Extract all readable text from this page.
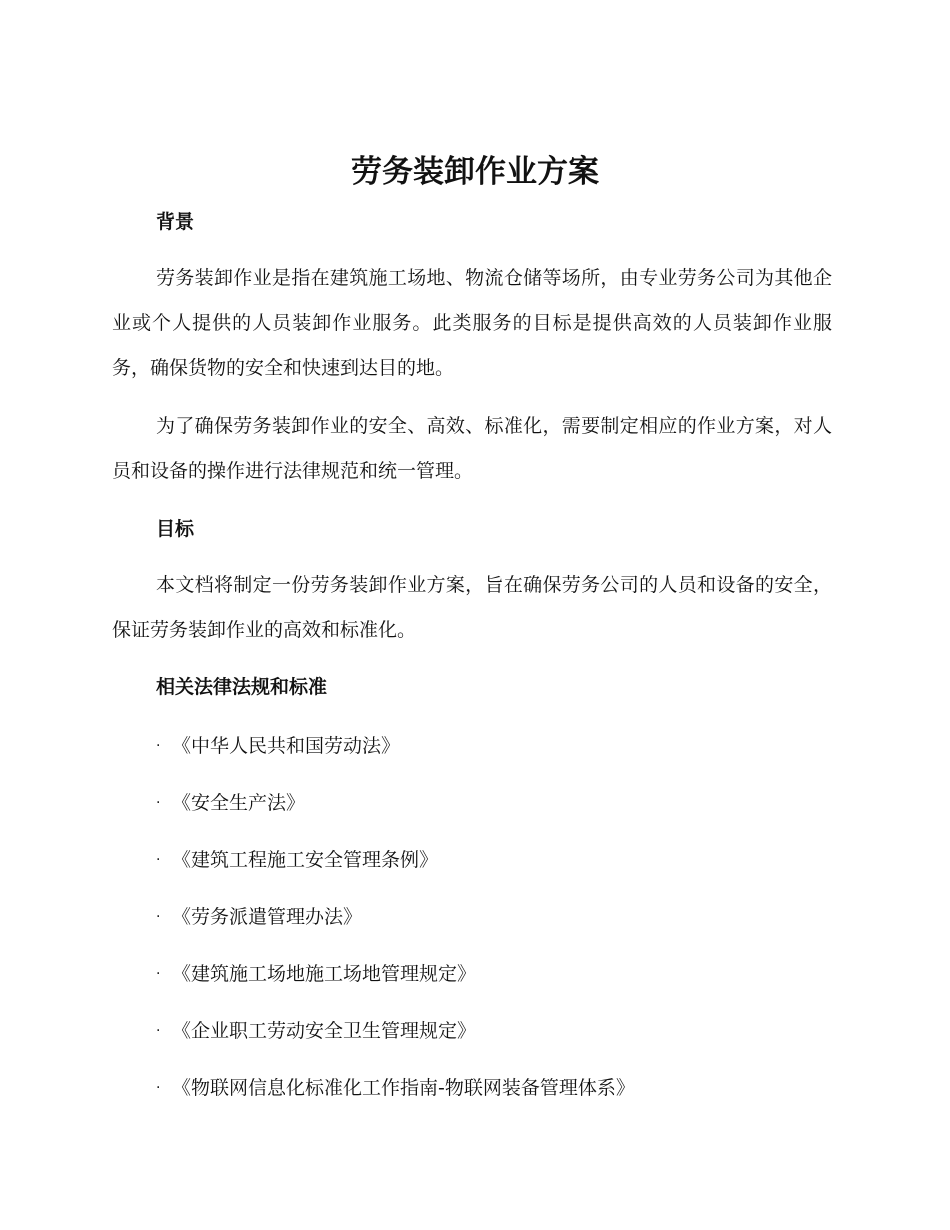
劳务装卸作业方案
背景

劳务装卸作业是指在建筑施工场地、物流仓储等场所，由专业劳务公司为其他企业或个人提供的人员装卸作业服务。此类服务的目标是提供高效的人员装卸作业服务，确保货物的安全和快速到达目的地。

为了确保劳务装卸作业的安全、高效、标准化，需要制定相应的作业方案，对人员和设备的操作进行法律规范和统一管理。

目标

本文档将制定一份劳务装卸作业方案，旨在确保劳务公司的人员和设备的安全，保证劳务装卸作业的高效和标准化。

相关法律法规和标准
· 《中华人民共和国劳动法》
· 《安全生产法》
· 《建筑工程施工安全管理条例》
· 《劳务派遣管理办法》
· 《建筑施工场地施工场地管理规定》
· 《企业职工劳动安全卫生管理规定》
· 《物联网信息化标准化工作指南-物联网装备管理体系》
